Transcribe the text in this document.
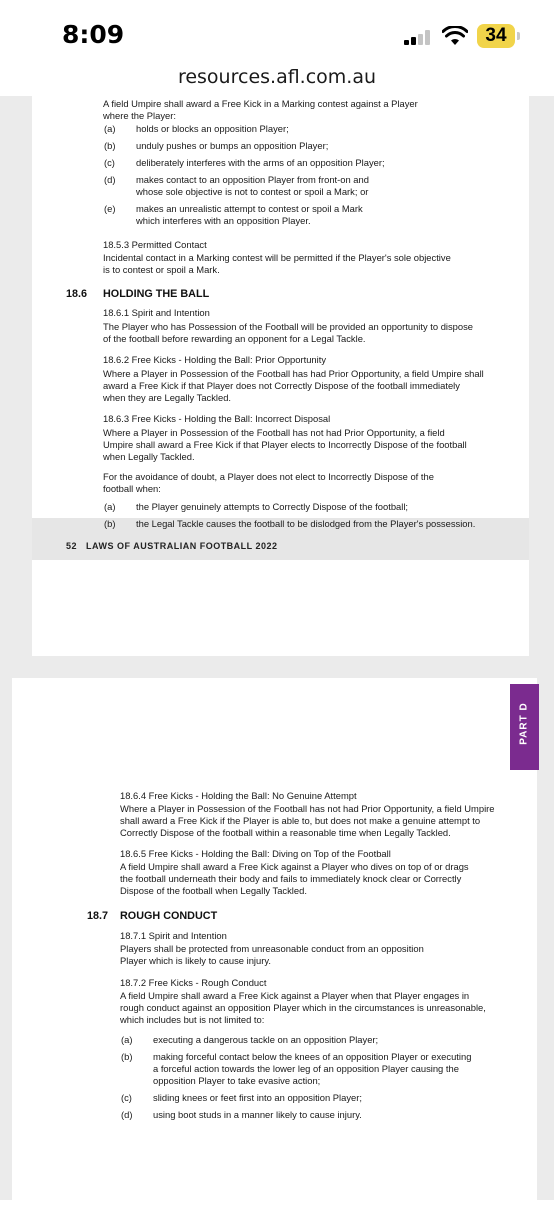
8:09	34
resources.afl.com.au
52 LAWS OF AUSTRALIAN FOOTBALL 2022
PART D
A field Umpire shall award a Free Kick in a Marking contest against a Player
where the Player:
(a) holds or blocks an opposition Player;
(b) unduly pushes or bumps an opposition Player;
(c) deliberately interferes with the arms of an opposition Player;
(d) makes contact to an opposition Player from front-on and
whose sole objective is not to contest or spoil a Mark; or
(e) makes an unrealistic attempt to contest or spoil a Mark
which interferes with an opposition Player.
18.5.3 Permitted Contact
Incidental contact in a Marking contest will be permitted if the Player's sole objective
is to contest or spoil a Mark.
18.6 HOLDING THE BALL
18.6.1 Spirit and Intention
The Player who has Possession of the Football will be provided an opportunity to dispose
of the football before rewarding an opponent for a Legal Tackle.
18.6.2 Free Kicks - Holding the Ball: Prior Opportunity
Where a Player in Possession of the Football has had Prior Opportunity, a field Umpire shall
award a Free Kick if that Player does not Correctly Dispose of the football immediately
when they are Legally Tackled.
18.6.3 Free Kicks - Holding the Ball: Incorrect Disposal
Where a Player in Possession of the Football has not had Prior Opportunity, a field
Umpire shall award a Free Kick if that Player elects to Incorrectly Dispose of the football
when Legally Tackled.
For the avoidance of doubt, a Player does not elect to Incorrectly Dispose of the
football when:
(a) the Player genuinely attempts to Correctly Dispose of the football;
(b) the Legal Tackle causes the football to be dislodged from the Player's possession.
18.6.4 Free Kicks - Holding the Ball: No Genuine Attempt
Where a Player in Possession of the Football has not had Prior Opportunity, a field Umpire
shall award a Free Kick if the Player is able to, but does not make a genuine attempt to
Correctly Dispose of the football within a reasonable time when Legally Tackled.
18.6.5 Free Kicks - Holding the Ball: Diving on Top of the Football
A field Umpire shall award a Free Kick against a Player who dives on top of or drags
the football underneath their body and fails to immediately knock clear or Correctly
Dispose of the football when Legally Tackled.
18.7 ROUGH CONDUCT
18.7.1 Spirit and Intention
Players shall be protected from unreasonable conduct from an opposition
Player which is likely to cause injury.
18.7.2 Free Kicks - Rough Conduct
A field Umpire shall award a Free Kick against a Player when that Player engages in
rough conduct against an opposition Player which in the circumstances is unreasonable,
which includes but is not limited to:
(a) executing a dangerous tackle on an opposition Player;
(b) making forceful contact below the knees of an opposition Player or executing
a forceful action towards the lower leg of an opposition Player causing the
opposition Player to take evasive action;
(c) sliding knees or feet first into an opposition Player;
(d) using boot studs in a manner likely to cause injury.
